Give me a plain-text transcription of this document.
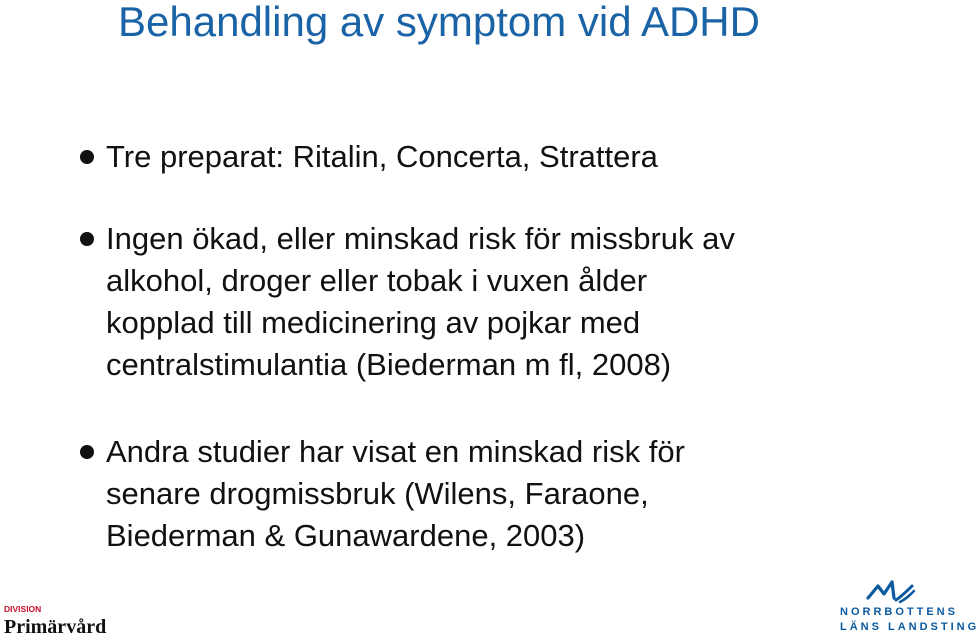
Behandling av symptom vid ADHD

Tre preparat: Ritalin, Concerta, Strattera

Ingen ökad, eller minskad risk för missbruk av
alkohol, droger eller tobak i vuxen ålder
kopplad till medicinering av pojkar med
centralstimulantia (Biederman m fl, 2008)

Andra studier har visat en minskad risk för
senare drogmissbruk (Wilens, Faraone,
Biederman & Gunawardene, 2003)

DIVISION
Primärvård
NORRBOTTENS
LÄNS LANDSTING
